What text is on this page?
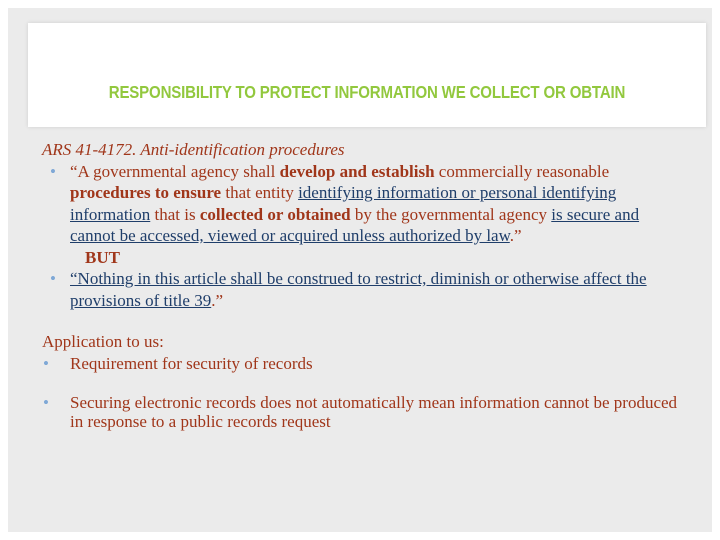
RESPONSIBILITY TO PROTECT INFORMATION WE COLLECT OR OBTAIN
ARS 41-4172. Anti-identification procedures
• “A governmental agency shall develop and establish commercially reasonable procedures to ensure that entity identifying information or personal identifying information that is collected or obtained by the governmental agency is secure and cannot be accessed, viewed or acquired unless authorized by law.”
BUT
• “Nothing in this article shall be construed to restrict, diminish or otherwise affect the provisions of title 39.”
Application to us:
• Requirement for security of records
• Securing electronic records does not automatically mean information cannot be produced in response to a public records request
